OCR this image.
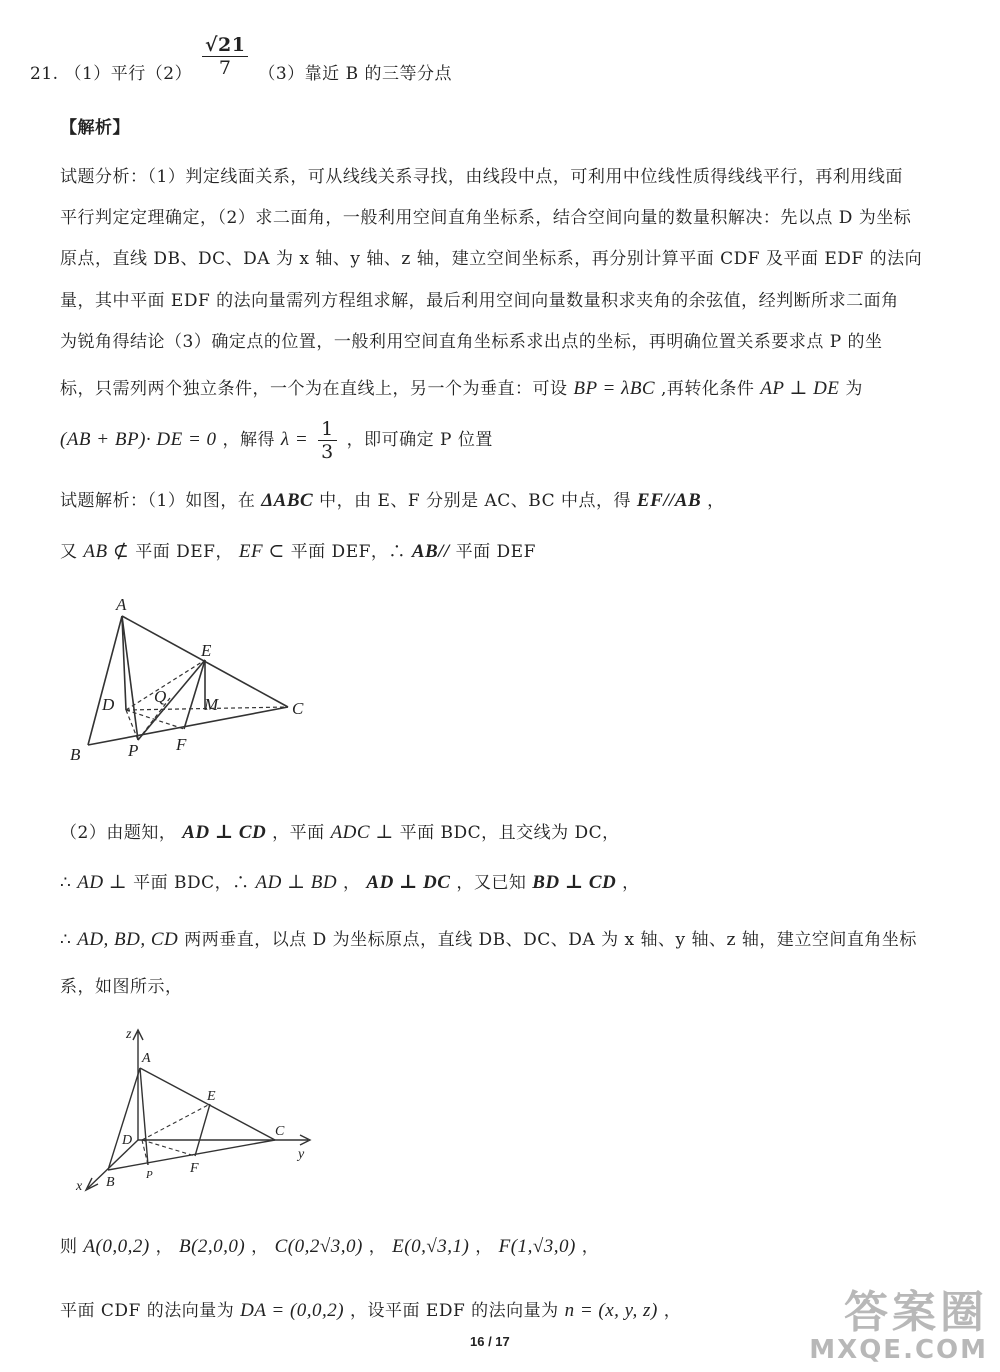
21. （1）平行$(2) \frac{√21}{7} (3)$靠近 B 的三等分点
【解析】
试题分析：（1）判定线面关系，可从线线关系寻找，由线段中点，可利用中位线性质得线线平行，再利用线面
平行判定定理确定，（2）求二面角，一般利用空间直角坐标系，结合空间向量的数量积解决：先以点 D 为坐标
原点，直线 DB、DC、DA 为 x 轴、y 轴、z 轴，建立空间坐标系，再分别计算平面 CDF 及平面 EDF 的法向
量，其中平面 EDF 的法向量需列方程组求解，最后利用空间向量数量积求夹角的余弦值，经判断所求二面角
为锐角得结论（3）确定点的位置，一般利用空间直角坐标系求出点的坐标，再明确位置关系要求点 P 的坐
标，只需列两个独立条件，一个为在直线上，另一个为垂直：可设 BP = λBC ,再转化条件 AP ⊥ DE 为
(AB + BP)· DE = 0 ，解得 $\lambda = \frac{1}{3}$ ，即可确定 P 位置
试题解析：（1）如图，在 ΔABC 中，由 E、F 分别是 AC、BC 中点，得 EF//AB ，
又 AB ⊄ 平面 DEF， EF ⊂ 平面 DEF，∴ AB// 平面 DEF
A
B
C
D
E
F
P
Q M
（2）由题知， AD ⊥ CD ，平面 ADC ⊥ 平面 BDC，且交线为 DC，
∴ AD ⊥ 平面 BDC，∴ AD ⊥ BD ， AD ⊥ DC ，又已知 BD ⊥ CD ，
∴ AD, BD, CD 两两垂直，以点 D 为坐标原点，直线 DB、DC、DA 为 x 轴、y 轴、z 轴，建立空间直角坐标
系，如图所示，
z
y
x
A
B
C
D
E
F
P
则 A(0,0,2) ， B(2,0,0) ， C(0,2√3,0) ， E(0,√3,1) ， F(1,√3,0) ，
平面 CDF 的法向量为 DA = (0,0,2) ，设平面 EDF 的法向量为 n = (x, y, z) ，
16 / 17
答案圈
MXQE.COM
